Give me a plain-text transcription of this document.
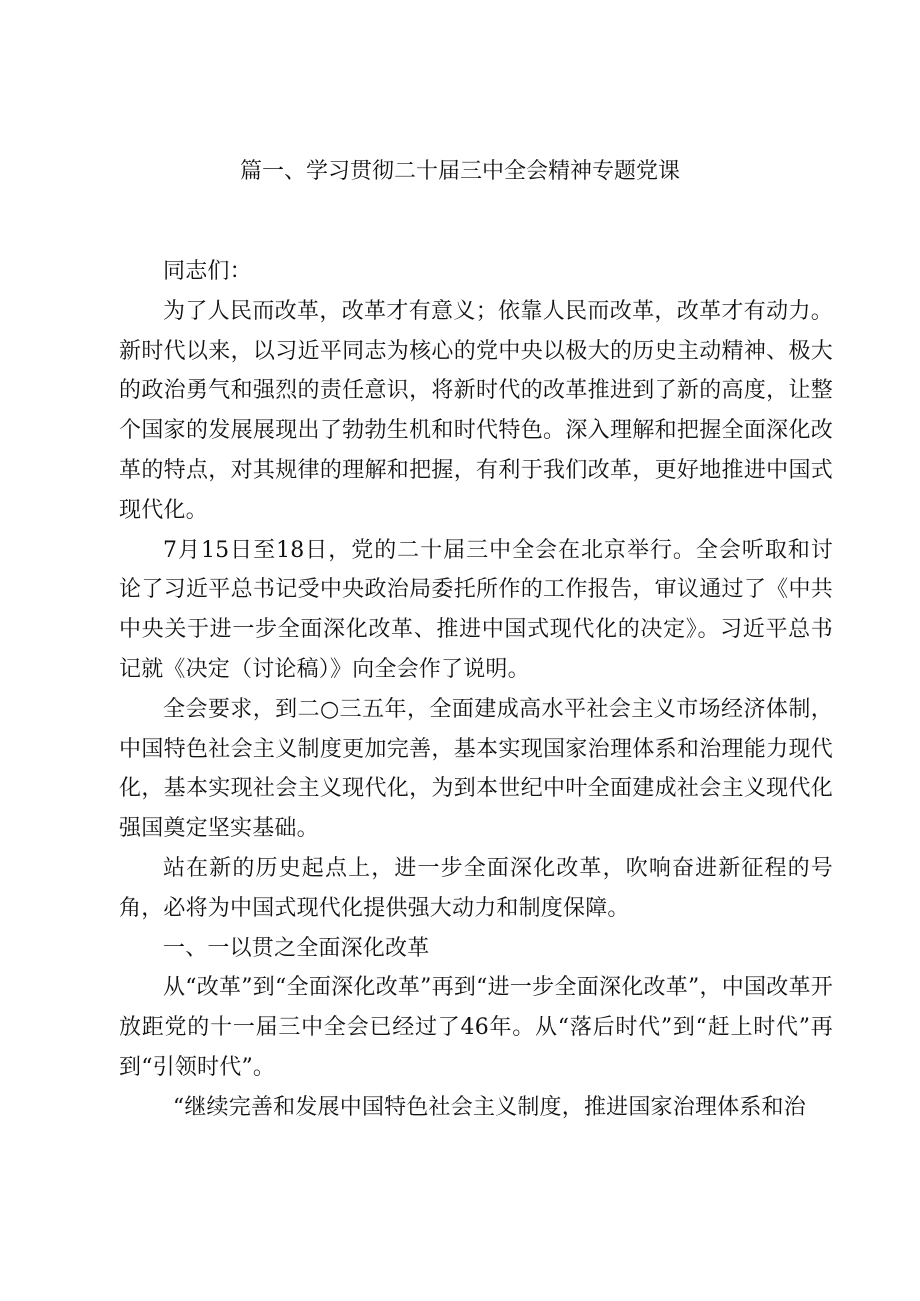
篇一、学习贯彻二十届三中全会精神专题党课

同志们：

为了人民而改革，改革才有意义；依靠人民而改革，改革才有动力。新时代以来，以习近平同志为核心的党中央以极大的历史主动精神、极大的政治勇气和强烈的责任意识，将新时代的改革推进到了新的高度，让整个国家的发展展现出了勃勃生机和时代特色。深入理解和把握全面深化改革的特点，对其规律的理解和把握，有利于我们改革，更好地推进中国式现代化。

7月15日至18日，党的二十届三中全会在北京举行。全会听取和讨论了习近平总书记受中央政治局委托所作的工作报告，审议通过了《中共中央关于进一步全面深化改革、推进中国式现代化的决定》。习近平总书记就《决定（讨论稿）》向全会作了说明。

全会要求，到二○三五年，全面建成高水平社会主义市场经济体制，中国特色社会主义制度更加完善，基本实现国家治理体系和治理能力现代化，基本实现社会主义现代化，为到本世纪中叶全面建成社会主义现代化强国奠定坚实基础。

站在新的历史起点上，进一步全面深化改革，吹响奋进新征程的号角，必将为中国式现代化提供强大动力和制度保障。

一、一以贯之全面深化改革

从“改革”到“全面深化改革”再到“进一步全面深化改革”，中国改革开放距党的十一届三中全会已经过了46年。从“落后时代”到“赶上时代”再到“引领时代”。

“继续完善和发展中国特色社会主义制度，推进国家治理体系和治
